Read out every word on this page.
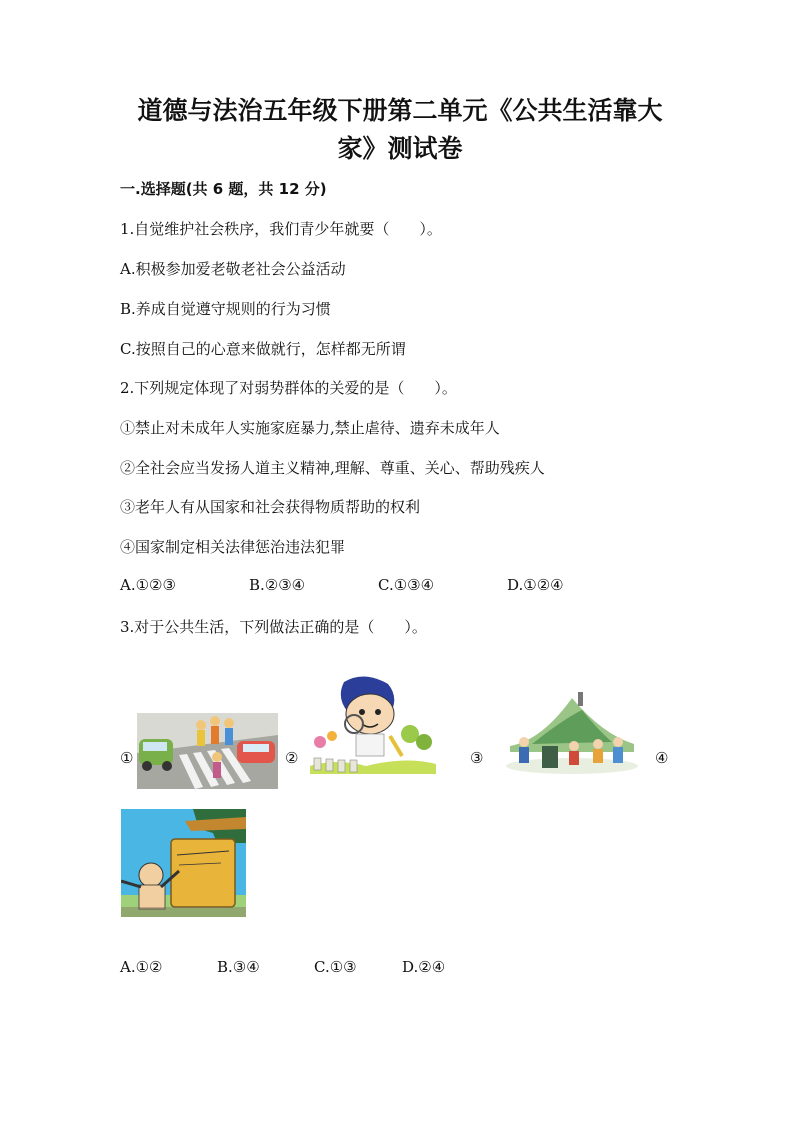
道德与法治五年级下册第二单元《公共生活靠大
家》测试卷
一.选择题(共 6 题，共 12 分)
1.自觉维护社会秩序，我们青少年就要（　　）。
A.积极参加爱老敬老社会公益活动
B.养成自觉遵守规则的行为习惯
C.按照自己的心意来做就行，怎样都无所谓
2.下列规定体现了对弱势群体的关爱的是（　　）。
①禁止对未成年人实施家庭暴力,禁止虐待、遗弃未成年人
②全社会应当发扬人道主义精神,理解、尊重、关心、帮助残疾人
③老年人有从国家和社会获得物质帮助的权利
④国家制定相关法律惩治违法犯罪
A.①②③	B.②③④	C.①③④	D.①②④
3.对于公共生活，下列做法正确的是（　　）。
①	②	③	④
A.①②	B.③④	C.①③	D.②④
